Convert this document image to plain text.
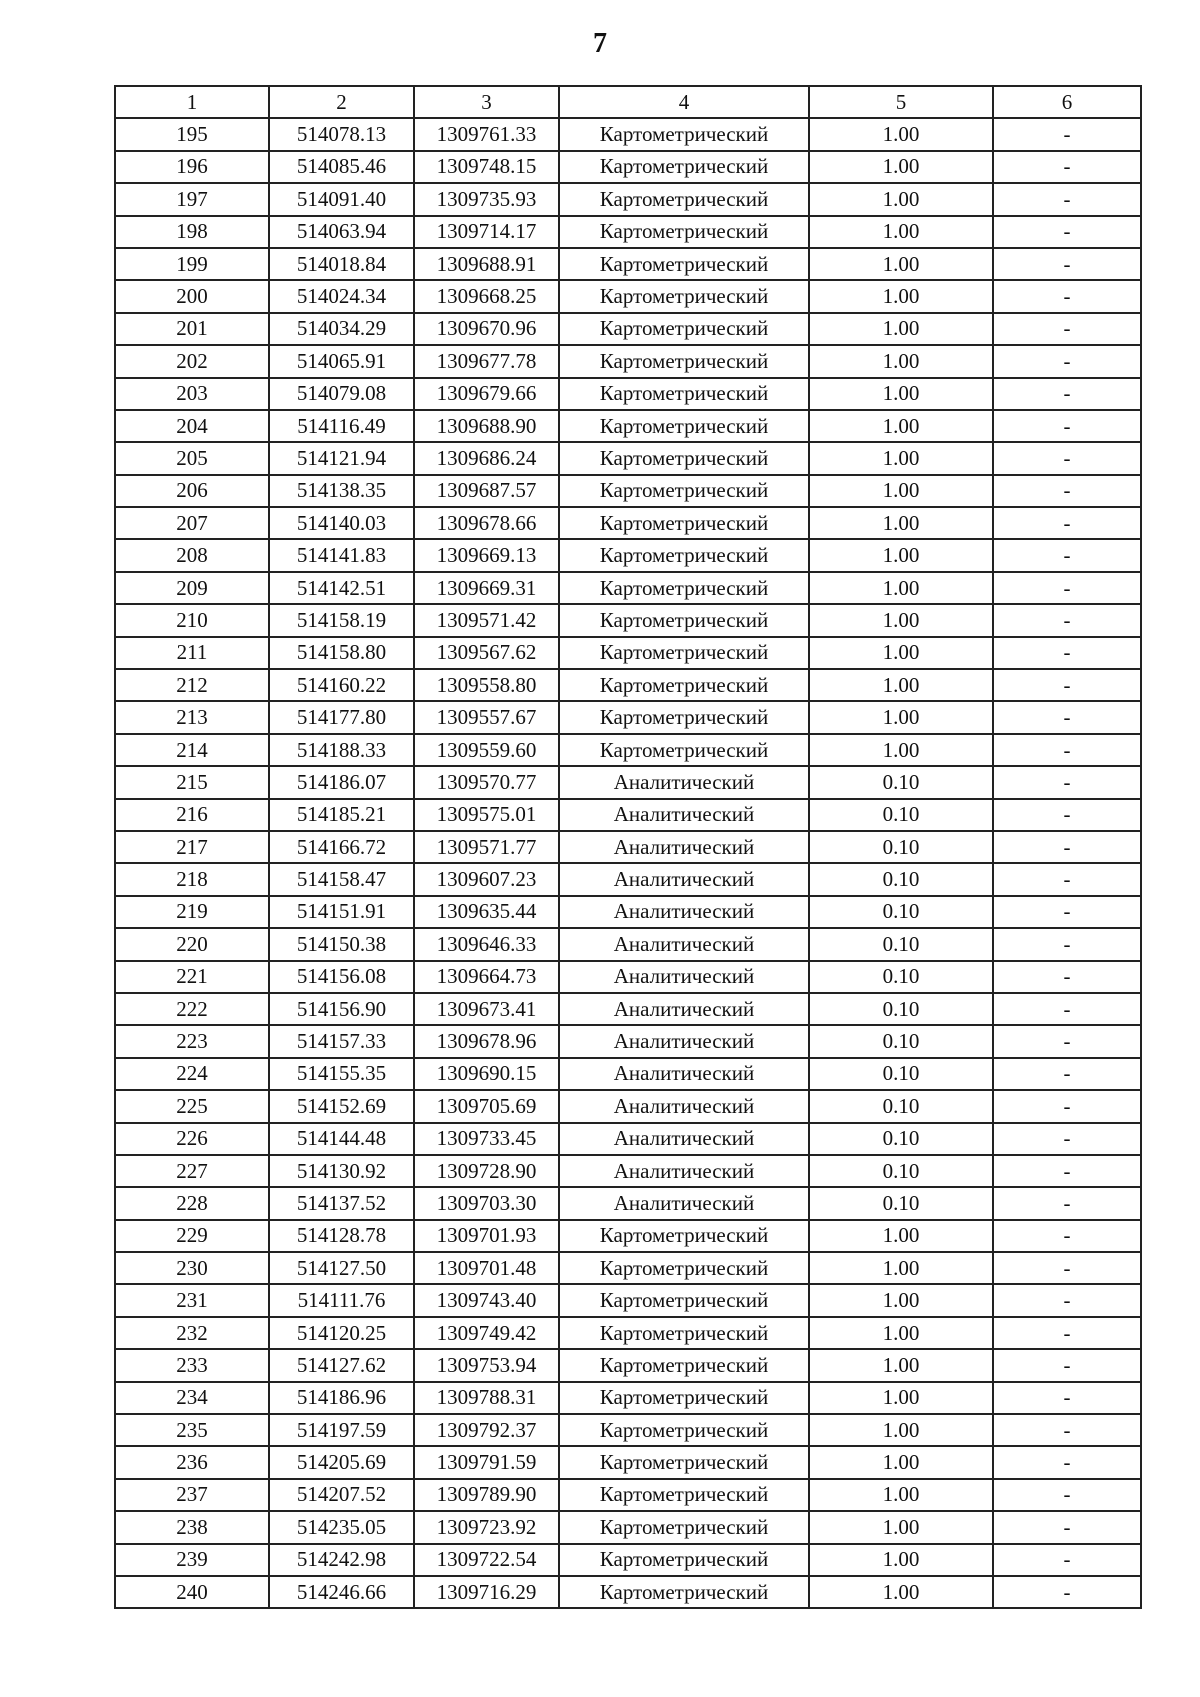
7
1	2	3	4	5	6
195	514078.13	1309761.33	Картометрический	1.00	-
196	514085.46	1309748.15	Картометрический	1.00	-
197	514091.40	1309735.93	Картометрический	1.00	-
198	514063.94	1309714.17	Картометрический	1.00	-
199	514018.84	1309688.91	Картометрический	1.00	-
200	514024.34	1309668.25	Картометрический	1.00	-
201	514034.29	1309670.96	Картометрический	1.00	-
202	514065.91	1309677.78	Картометрический	1.00	-
203	514079.08	1309679.66	Картометрический	1.00	-
204	514116.49	1309688.90	Картометрический	1.00	-
205	514121.94	1309686.24	Картометрический	1.00	-
206	514138.35	1309687.57	Картометрический	1.00	-
207	514140.03	1309678.66	Картометрический	1.00	-
208	514141.83	1309669.13	Картометрический	1.00	-
209	514142.51	1309669.31	Картометрический	1.00	-
210	514158.19	1309571.42	Картометрический	1.00	-
211	514158.80	1309567.62	Картометрический	1.00	-
212	514160.22	1309558.80	Картометрический	1.00	-
213	514177.80	1309557.67	Картометрический	1.00	-
214	514188.33	1309559.60	Картометрический	1.00	-
215	514186.07	1309570.77	Аналитический	0.10	-
216	514185.21	1309575.01	Аналитический	0.10	-
217	514166.72	1309571.77	Аналитический	0.10	-
218	514158.47	1309607.23	Аналитический	0.10	-
219	514151.91	1309635.44	Аналитический	0.10	-
220	514150.38	1309646.33	Аналитический	0.10	-
221	514156.08	1309664.73	Аналитический	0.10	-
222	514156.90	1309673.41	Аналитический	0.10	-
223	514157.33	1309678.96	Аналитический	0.10	-
224	514155.35	1309690.15	Аналитический	0.10	-
225	514152.69	1309705.69	Аналитический	0.10	-
226	514144.48	1309733.45	Аналитический	0.10	-
227	514130.92	1309728.90	Аналитический	0.10	-
228	514137.52	1309703.30	Аналитический	0.10	-
229	514128.78	1309701.93	Картометрический	1.00	-
230	514127.50	1309701.48	Картометрический	1.00	-
231	514111.76	1309743.40	Картометрический	1.00	-
232	514120.25	1309749.42	Картометрический	1.00	-
233	514127.62	1309753.94	Картометрический	1.00	-
234	514186.96	1309788.31	Картометрический	1.00	-
235	514197.59	1309792.37	Картометрический	1.00	-
236	514205.69	1309791.59	Картометрический	1.00	-
237	514207.52	1309789.90	Картометрический	1.00	-
238	514235.05	1309723.92	Картометрический	1.00	-
239	514242.98	1309722.54	Картометрический	1.00	-
240	514246.66	1309716.29	Картометрический	1.00	-
